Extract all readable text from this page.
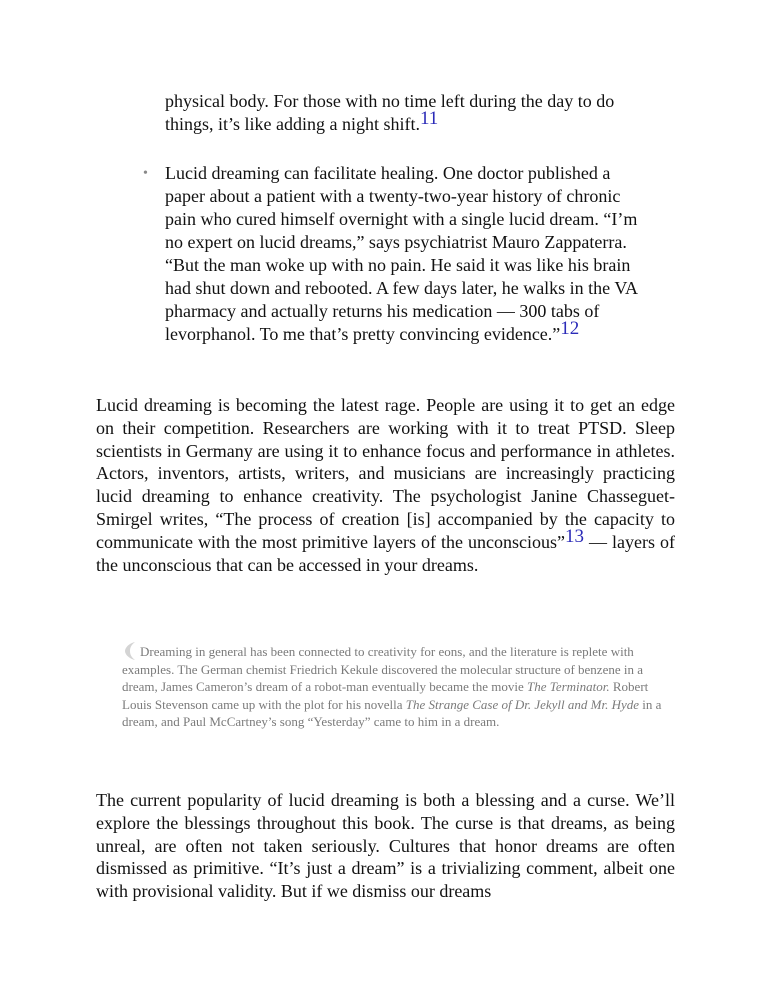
physical body. For those with no time left during the day to do things, it’s like adding a night shift.$^{11}$
• Lucid dreaming can facilitate healing. One doctor published a paper about a patient with a twenty-two-year history of chronic pain who cured himself overnight with a single lucid dream. “I’m no expert on lucid dreams,” says psychiatrist Mauro Zappaterra. “But the man woke up with no pain. He said it was like his brain had shut down and rebooted. A few days later, he walks in the VA pharmacy and actually returns his medication — 300 tabs of levorphanol. To me that’s pretty convincing evidence.”$^{12}$

Lucid dreaming is becoming the latest rage. People are using it to get an edge on their competition. Researchers are working with it to treat PTSD. Sleep scientists in Germany are using it to enhance focus and performance in athletes. Actors, inventors, artists, writers, and musicians are increasingly practicing lucid dreaming to enhance creativity. The psychologist Janine Chasseguet-Smirgel writes, “The process of creation [is] accompanied by the capacity to communicate with the most primitive layers of the unconscious”$^{13}$ — layers of the unconscious that can be accessed in your dreams.

Dreaming in general has been connected to creativity for eons, and the literature is replete with examples. The German chemist Friedrich Kekule discovered the molecular structure of benzene in a dream, James Cameron’s dream of a robot-man eventually became the movie The Terminator. Robert Louis Stevenson came up with the plot for his novella The Strange Case of Dr. Jekyll and Mr. Hyde in a dream, and Paul McCartney’s song “Yesterday” came to him in a dream.

The current popularity of lucid dreaming is both a blessing and a curse. We’ll explore the blessings throughout this book. The curse is that dreams, as being unreal, are often not taken seriously. Cultures that honor dreams are often dismissed as primitive. “It’s just a dream” is a trivializing comment, albeit one with provisional validity. But if we dismiss our dreams
